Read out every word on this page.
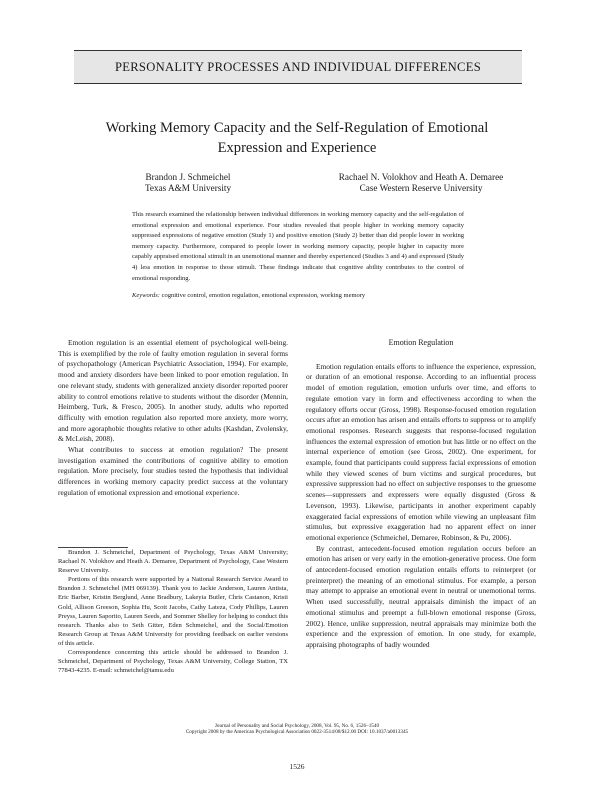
PERSONALITY PROCESSES AND INDIVIDUAL DIFFERENCES
Working Memory Capacity and the Self-Regulation of Emotional
Expression and Experience
Brandon J. Schmeichel
Texas A&M University
Rachael N. Volokhov and Heath A. Demaree
Case Western Reserve University

This research examined the relationship between individual differences in working memory capacity and the self-regulation of emotional expression and emotional experience. Four studies revealed that people higher in working memory capacity suppressed expressions of negative emotion (Study 1) and positive emotion (Study 2) better than did people lower in working memory capacity. Furthermore, compared to people lower in working memory capacity, people higher in capacity more capably appraised emotional stimuli in an unemotional manner and thereby experienced (Studies 3 and 4) and expressed (Study 4) less emotion in response to those stimuli. These findings indicate that cognitive ability contributes to the control of emotional responding.

Keywords: cognitive control, emotion regulation, emotional expression, working memory

Emotion regulation is an essential element of psychological well-being. This is exemplified by the role of faulty emotion regulation in several forms of psychopathology (American Psychiatric Association, 1994). For example, mood and anxiety disorders have been linked to poor emotion regulation. In one relevant study, students with generalized anxiety disorder reported poorer ability to control emotions relative to students without the disorder (Mennin, Heimberg, Turk, & Fresco, 2005). In another study, adults who reported difficulty with emotion regulation also reported more anxiety, more worry, and more agoraphobic thoughts relative to other adults (Kashdan, Zvolensky, & McLeish, 2008).

What contributes to success at emotion regulation? The present investigation examined the contributions of cognitive ability to emotion regulation. More precisely, four studies tested the hypothesis that individual differences in working memory capacity predict success at the voluntary regulation of emotional expression and emotional experience.

Emotion Regulation

Emotion regulation entails efforts to influence the experience, expression, or duration of an emotional response. According to an influential process model of emotion regulation, emotion unfurls over time, and efforts to regulate emotion vary in form and effectiveness according to when the regulatory efforts occur (Gross, 1998). Response-focused emotion regulation occurs after an emotion has arisen and entails efforts to suppress or to amplify emotional responses. Research suggests that response-focused regulation influences the external expression of emotion but has little or no effect on the internal experience of emotion (see Gross, 2002). One experiment, for example, found that participants could suppress facial expressions of emotion while they viewed scenes of burn victims and surgical procedures, but expressive suppression had no effect on subjective responses to the gruesome scenes—suppressers and expressers were equally disgusted (Gross & Levenson, 1993). Likewise, participants in another experiment capably exaggerated facial expressions of emotion while viewing an unpleasant film stimulus, but expressive exaggeration had no apparent effect on inner emotional experience (Schmeichel, Demaree, Robinson, & Pu, 2006).

By contrast, antecedent-focused emotion regulation occurs before an emotion has arisen or very early in the emotion-generative process. One form of antecedent-focused emotion regulation entails efforts to reinterpret (or preinterpret) the meaning of an emotional stimulus. For example, a person may attempt to appraise an emotional event in neutral or unemotional terms. When used successfully, neutral appraisals diminish the impact of an emotional stimulus and preempt a full-blown emotional response (Gross, 2002). Hence, unlike suppression, neutral appraisals may minimize both the experience and the expression of emotion. In one study, for example, appraising photographs of badly wounded

Brandon J. Schmeichel, Department of Psychology, Texas A&M University; Rachael N. Volokhov and Heath A. Demaree, Department of Psychology, Case Western Reserve University.

Portions of this research were supported by a National Research Service Award to Brandon J. Schmeichel (MH 069139). Thank you to Jackie Anderson, Lauren Antista, Eric Barber, Kristin Berglund, Anne Bradbury, Lakeyia Butler, Chris Castanon, Kristi Gold, Allison Greeson, Sophia Hu, Scott Jacobs, Cathy Lateza, Cody Phillips, Lauren Preyss, Lauren Saporito, Lauren Seeds, and Sommer Shelley for helping to conduct this research. Thanks also to Seth Gitter, Eden Schmeichel, and the Social/Emotion Research Group at Texas A&M University for providing feedback on earlier versions of this article.

Correspondence concerning this article should be addressed to Brandon J. Schmeichel, Department of Psychology, Texas A&M University, College Station, TX 77843-4235. E-mail: schmeichel@tamu.edu

Journal of Personality and Social Psychology, 2008, Vol. 95, No. 6, 1526–1540
Copyright 2008 by the American Psychological Association 0022-3514/08/$12.00 DOI: 10.1037/a0013345
1526
